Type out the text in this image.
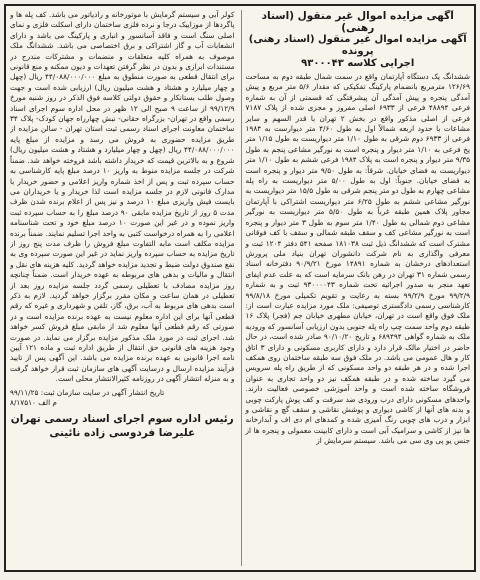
آگهی مزایده اموال غیر منقول (اسناد رهنی)
آگهی مزایده اموال غیر منقول (اسناد رهنی) پرونده
اجرایی کلاسه ۹۳۰۰۰۴۳
ششدانگ یک دستگاه آپارتمان واقع در سمت شمال طبقه دوم به مساحت ۱۲۶/۶۹ مترمربع بانضمام پارکینگ تفکیکی که مقدار ۵/۶ متر مربع و پیش آمدگی پنجره و پیش آمدگی آن پیشرفتگی که قسمتی از آن به شماره فرعی ۴۸۸۹۴ فرعی از ۶۹۳۳ اصلی مفروز و مجزی شده از پلاک ۷۱۸۷ فرعی از اصلی مذکور واقع در بخش ۲ تهران با قدر السهم و سایر مشاعات با حدود اربعه شمالاً اول به طول ۴/۶۰ متر دیوارست به ۱۹۸۴ فرعی از ۶۹۳۳ دوم شرقی به طول ۱/۱۰ متر دیواریست به طول ۱/۱۵ متر پخ فرعی به ۱/۱۰ متر دیوار و پنجره است به نورگیر مشاعی پنجم به طول ۹/۳۵ متر دیوار و پنجره است به پلاک ۱۹۸۴ فرعی ششم به طول ۱/۱۰ متر دیواریست به فضای خیابان. شرقاً: به طول ۹/۵۰ متر دیوار و پنجره است به فضای خیابان. جنوباً: اول به طول ۵/۰۰ متر دیواریست به راه پله مشاعی چهارم به طول دو متر پنجم شرقی به طول ۱۵/۵ متر دیواریست به نورگیر مشاعی ششم به طول ۶/۲۵ متر دیواریست اشتراکی با آپارتمان مجاور پلاک همین طبقه غرباً به طول ۵/۵۰ متر دیواریست به نورگیر مشاعی دوم شمالی به طول ۱/۴۰ متر سوم به طول ۳ متر دیوار و پنجره است به نورگیر مشاعی کف و سقف طبقه شمالی و سقف با کف فوقانی مشترک است که ششدانگ ذیل ثبت ۱۸۱۰۳۸ صفحه ۵۴۱ دفتر ۱۲۰۴ ثبت و معرفی واگذاری به نام شرکت دانشوران تهران بنیاد ملی پرورش استعدادهای درخشان به شماره ۱۴۸۹۱ مورخ ۹۰/۹/۲۱ دفترخانه اسناد رسمی شماره ۳۱ تهران در رهن بانک سرمایه است که به علت عدم ایفای تعهد منجر به صدور اجرائیه تحت شماره ۹۳۰۰۰۰۴۳ ثبت و به شماره ۹۹/۲/۹ مورخ ۹۹/۲/۹ بسته به رعایت و تقویم تکمیلی مورخ ۹۹/۸/۱۸ کارشناسی رسمی دادگستری توصیفی: ملک مورد مزایده عبارت است از: ملک فوق واقع است در تهران، خیابان مطهری خیابان جم (فجر) پلاک ۱۶ طبقه دوم واحد سمت چپ راه پله جنوبی بدون ارزیابی آسانسور که ورودیه ملک به شماره گواهی ۶۸۹۴۹۴ و تاریخ ۹۰/۱۰/۲۰ صادر شده است، در حال حاضر در اختیار مالک قرار دارد و دارای کاربری مسکونی و دارای ۳ اتاق کار و هال عمومی می باشد. در ملک فوق سه طبقه ساختمان روی همکف اجرا شده و در هر طبقه دو واحد مسکونی که از طریق راه پله سرویس می گیرد ساخته شده و در طبقه همکف نیز دو واحد تجاری به عنوان فروشگاه ساخته شده است و واحد آموزشی خصوصی فعالیت دارند. واحدهای مسکونی دارای درب ورودی ضد سرقت و کف پوش پارکت چوبی و بدنه های آنها از کاشی دیواری و پوشش نقاشی و سقف گچ و نقاشی و ابزار و درب های چوبی رنگ آمیزی شده و کمدهای ام دی اف و آبدارخانه ها نیز از کاشی و سرامیک آبی است و دارای کابینت معمولی و پنجره ها از جنس یو پی وی سی می باشد. سیستم سرمایش از
کولر آبی و سیستم گرمایش با موتورخانه و رادیاتور می باشد. کف پله ها و پاگردها از موزاییک درجا و نرده فلزی ساختمان دارای اسکلت فلزی و نمای اصلی سنگ است و فاقد آسانسور و انباری و پارکینگ می باشد و دارای انشعابات آب و گاز اشتراکی و برق اختصاصی می باشد. ششدانگ ملک موصوف به همراه کلیه متعلقات و منضمات و مشترکات مندرج در مستندات ابرازی و بدون در نظر گرفتن تعهدات و دیون ممکنه و منع قانونی برای انتقال قطعی به صورت منطوق به مبلغ ۴۴/۰۸۸/۰۰۰/۰۰۰ ریال (چهل و چهار میلیارد و هشتاد و هشت میلیون ریال) ارزیابی شده است و جهت وصول طلب بستانکار و حقوق دولتی کلاسه فوق الذکر در روز شنبه مورخ ۹۹/۱۲/۹ از ساعت ۹ صبح الی ۱۲ ظهر در محل اداره سوم اجرای اسناد رسمی واقع در تهران- بزرگراه حقانی- نبش چهارراه جهان کودک- پلاک ۳۴ ساختمان معاونت اجرای اسناد رسمی ثبت استان تهران - سالن مزایده از طریق مزایده حضوری به فروش می رسد و مزایده از مبلغ پایه ۴۴/۰۸۸/۰۰۰/۰۰۰ ریال (چهل و چهار میلیارد و هشتاد و هشت میلیون ریال) شروع و به بالاترین قیمت که خریدار داشته باشد فروخته خواهد شد. ضمناً شرکت در جلسه مزایده منوط به واریز ۱۰ درصد مبلغ پایه کارشناسی به حساب سپرده ثبت و پس از اخذ شماره واریز اعلامی و حضور خریدار با مدارک قانونی لازم در جلسه مزایده است لذا خریدار و یا خریداران می بایست فیش واریزی مبلغ ۱۰ درصد و نیز پس از اعلام برنده شدن ظرف مدت ۵ روز از تاریخ مزایده مابقی ۹۰ درصد مبلغ را به حساب سپرده ثبت واریز نموده و در غیر این صورت ۱۰ درصد مبلغ خود و تحت شناسنامه اعلامی را به همراه درخواست کتبی به واحد اجرا تسلیم نمایند. ضمناً برنده مزایده مکلف است مابه التفاوت مبلغ فروش را ظرف مدت پنج روز از تاریخ مزایده به حساب سپرده واریز نماید در غیر این صورت سپرده وی به نفع صندوق دولت ضبط و تجدید مزایده خواهد گردید. کلیه هزینه های نقل و انتقال و مالیات و بدهی های مربوطه به عهده خریدار است. ضمناً چنانچه روز مزایده مصادف با تعطیلی رسمی گردد جلسه مزایده روز بعد از تعطیلی در همان ساعت و مکان مقرر برگزار خواهد گردید. لازم به ذکر است بدهی های مربوط به آب، برق، گاز، تلفن و شهرداری و غیره که رقم قطعی آنها برای این اداره معلوم نیست به عهده برنده مزایده است و در صورتی که رقم قطعی آنها معلوم شد از مابقی مبلغ فروش کسر خواهد شد. اجرای ثبت در مورد ملک مذکور مزایده برگزار می نماید. در صورت وجود هزینه های قانونی حق انتقال از طریق اداره ثبت و ماده ۱۲۱ آیین نامه اجرا قانونی به عهده برنده مزایده می باشد. این آگهی پس از تایید فرآیند مزایده ارسال و درسایت آگهی های سازمان ثبت قرار خواهد گرفت و به منزله انتشار آگهی در روزنامه کثیرالانتشار محلی است.
تاریخ انتشار آگهی در سایت سازمان ثبت: ۹۹/۱۱/۲۵
م الف ۸/۱۷۵۱۰
رئیس اداره سوم اجرای اسناد رسمی تهران
علیرضا فردوسی زاده نائینی
